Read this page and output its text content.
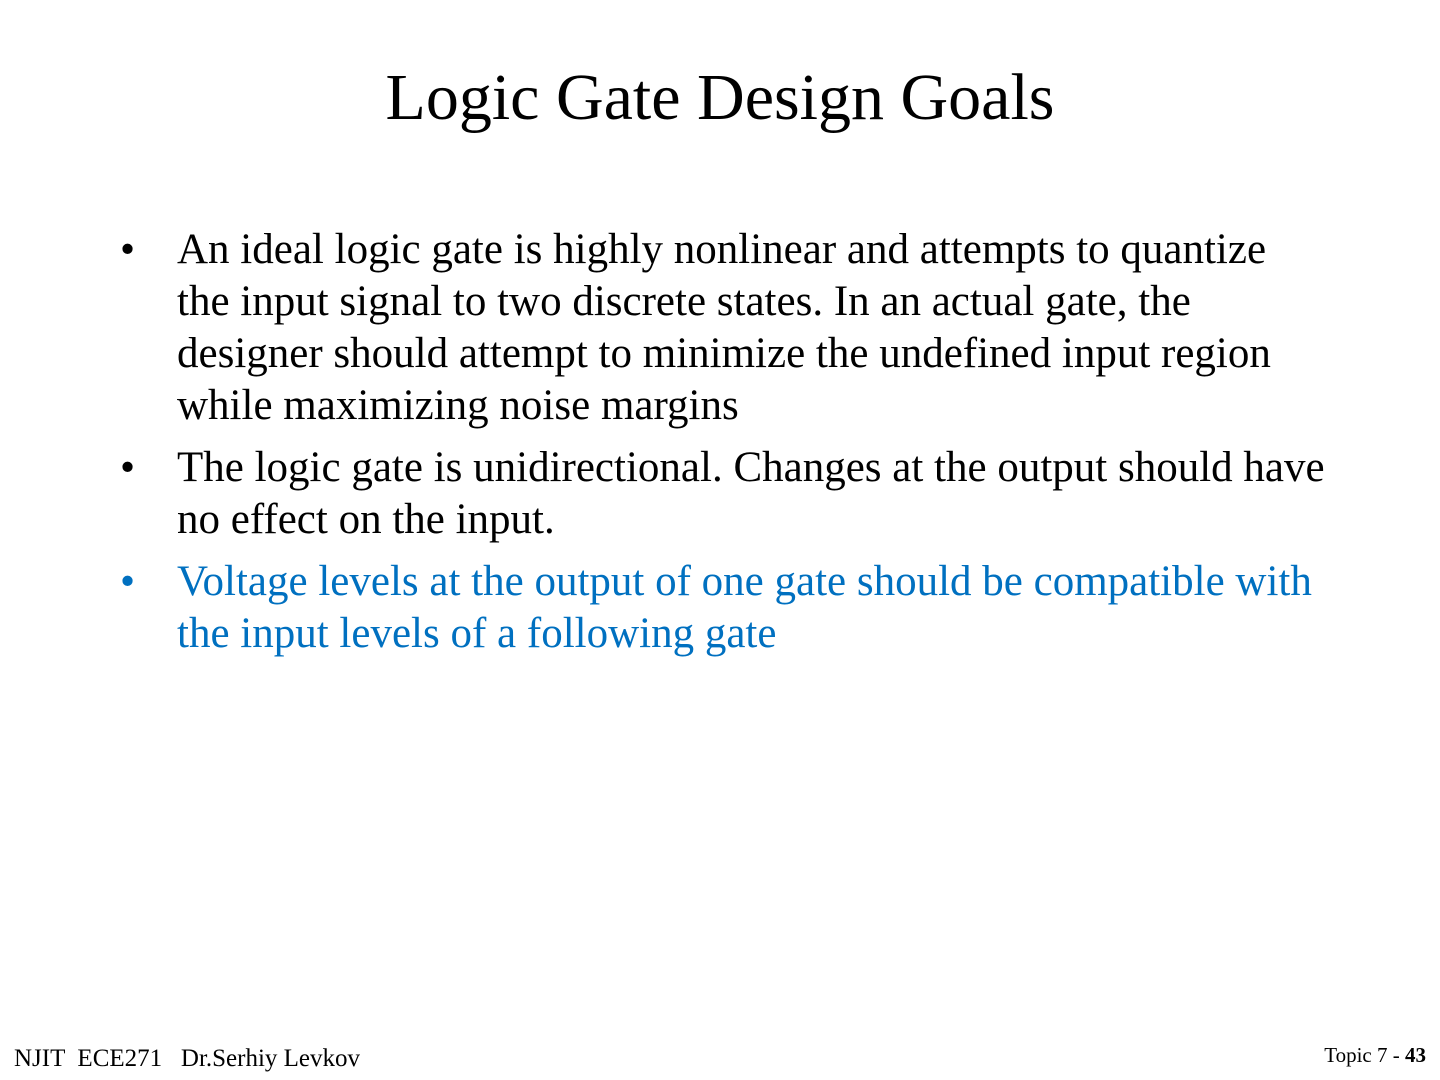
Logic Gate Design Goals
• An ideal logic gate is highly nonlinear and attempts to quantize the input signal to two discrete states. In an actual gate, the designer should attempt to minimize the undefined input region while maximizing noise margins
• The logic gate is unidirectional. Changes at the output should have no effect on the input.
• Voltage levels at the output of one gate should be compatible with the input levels of a following gate
NJIT  ECE271   Dr.Serhiy Levkov	Topic 7 - 43
